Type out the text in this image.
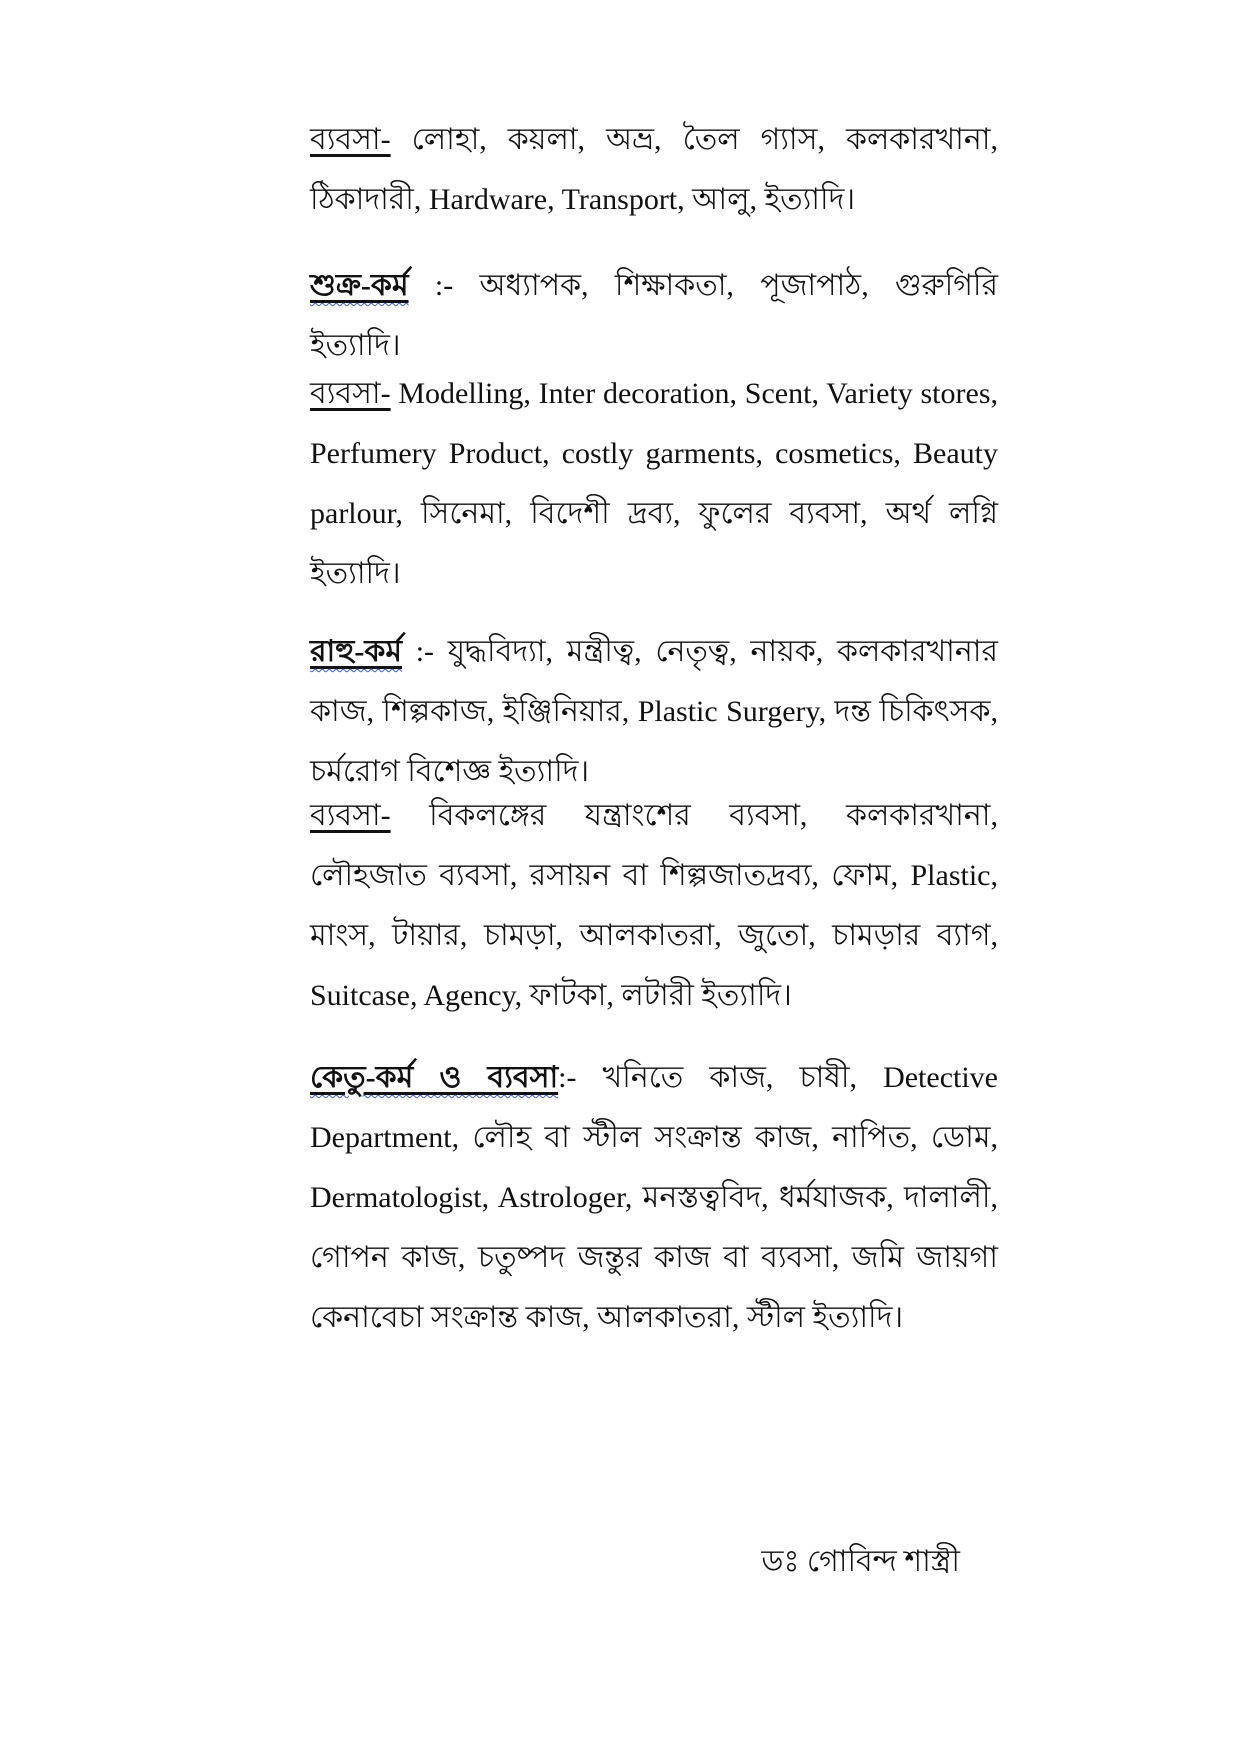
ব্যবসা- লোহা, কয়লা, অভ্র, তৈল গ্যাস, কলকারখানা, ঠিকাদারী, Hardware, Transport, আলু, ইত্যাদি।
শুক্র-কর্ম :- অধ্যাপক, শিক্ষাকতা, পূজাপাঠ, গুরুগিরি ইত্যাদি।
ব্যবসা- Modelling, Inter decoration, Scent, Variety stores, Perfumery Product, costly garments, cosmetics, Beauty parlour, সিনেমা, বিদেশী দ্রব্য, ফুলের ব্যবসা, অর্থ লগ্নি ইত্যাদি।
রাহু-কর্ম :- যুদ্ধবিদ্যা, মন্ত্রীত্ব, নেতৃত্ব, নায়ক, কলকারখানার কাজ, শিল্পকাজ, ইঞ্জিনিয়ার, Plastic Surgery, দন্ত চিকিৎসক, চর্মরোগ বিশেজ্ঞ ইত্যাদি।
ব্যবসা- বিকলঙ্গের যন্ত্রাংশের ব্যবসা, কলকারখানা, লৌহজাত ব্যবসা, রসায়ন বা শিল্পজাতদ্রব্য, ফোম, Plastic, মাংস, টায়ার, চামড়া, আলকাতরা, জুতো, চামড়ার ব্যাগ, Suitcase, Agency, ফাটকা, লটারী ইত্যাদি।
কেতু-কর্ম ও ব্যবসা:- খনিতে কাজ, চাষী, Detective Department, লৌহ বা স্টীল সংক্রান্ত কাজ, নাপিত, ডোম, Dermatologist, Astrologer, মনস্তত্ববিদ, ধর্মযাজক, দালালী, গোপন কাজ, চতুষ্পদ জন্তুর কাজ বা ব্যবসা, জমি জায়গা কেনাবেচা সংক্রান্ত কাজ, আলকাতরা, স্টীল ইত্যাদি।
ডঃ গোবিন্দ শাস্ত্রী
